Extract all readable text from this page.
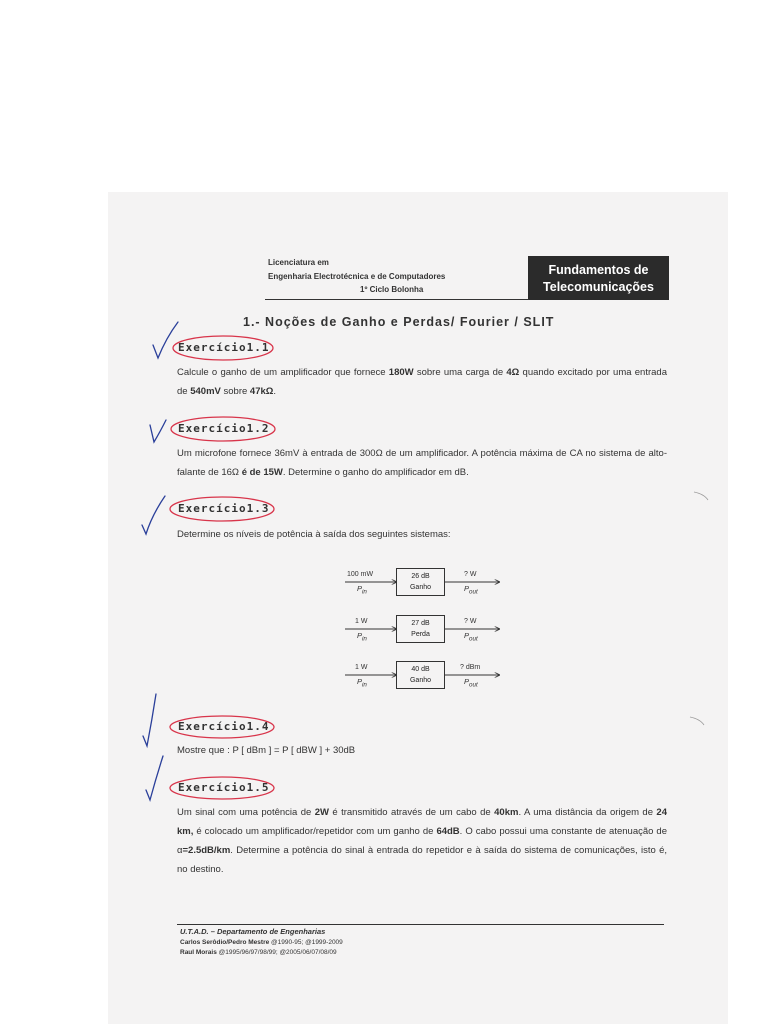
Licenciatura em
Engenharia Electrotécnica e de Computadores
1º Ciclo Bolonha
Fundamentos de
Telecomunicações
1.- Noções de Ganho e Perdas/ Fourier / SLIT
Exercício1.1
Calcule o ganho de um amplificador que fornece 180W sobre uma carga de 4Ω quando excitado por uma entrada de 540mV sobre 47kΩ.
Exercício1.2
Um microfone fornece 36mV à entrada de 300Ω de um amplificador. A potência máxima de CA no sistema de alto-falante de 16Ω é de 15W. Determine o ganho do amplificador em dB.
Exercício1.3
Determine os níveis de potência à saída dos seguintes sistemas:
100 mW
$P_{in}$
26 dB
Ganho
? W
$P_{out}$
1 W
$P_{in}$
27 dB
Perda
? W
$P_{out}$
1 W
$P_{in}$
40 dB
Ganho
? dBm
$P_{out}$
Exercício1.4
Mostre que : P [ dBm ] = P [ dBW ] + 30dB
Exercício1.5
Um sinal com uma potência de 2W é transmitido através de um cabo de 40km. A uma distância da origem de 24 km, é colocado um amplificador/repetidor com um ganho de 64dB. O cabo possui uma constante de atenuação de α=2.5dB/km. Determine a potência do sinal à entrada do repetidor e à saída do sistema de comunicações, isto é, no destino.
U.T.A.D. – Departamento de Engenharias
Carlos Serôdio/Pedro Mestre @1990-95; @1999-2009
Raul Morais @1995/96/97/98/99; @2005/06/07/08/09
